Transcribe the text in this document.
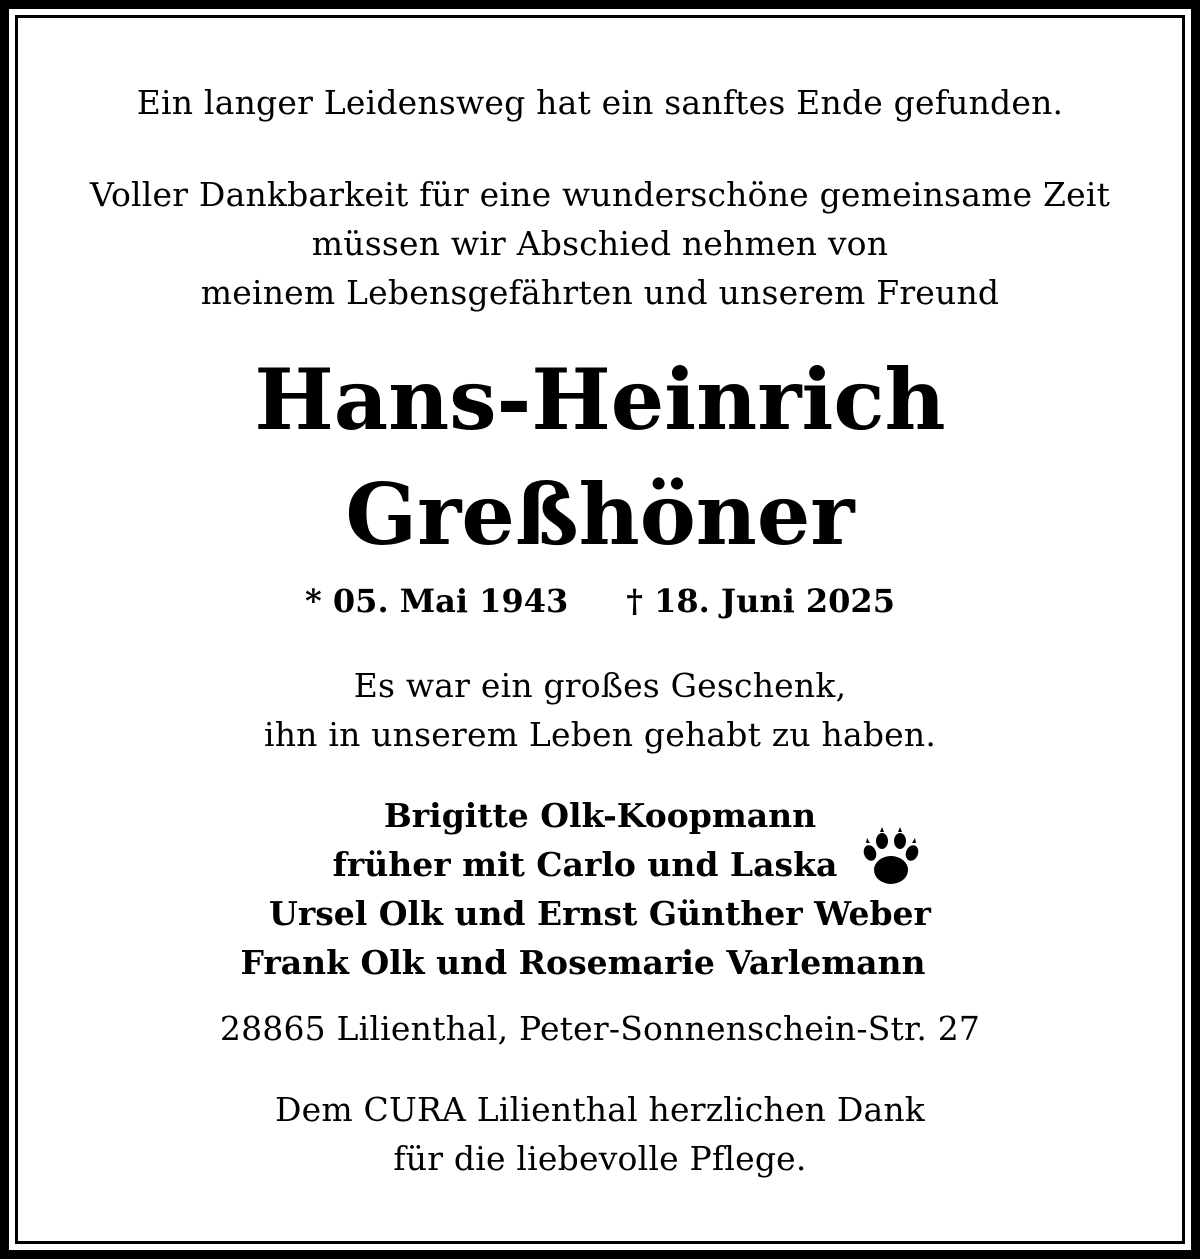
Ein langer Leidensweg hat ein sanftes Ende gefunden.

Voller Dankbarkeit für eine wunderschöne gemeinsame Zeit

müssen wir Abschied nehmen von

meinem Lebensgefährten und unserem Freund

Hans-Heinrich

Greßhöner

* 05. Mai 1943 † 18. Juni 2025

Es war ein großes Geschenk,

ihn in unserem Leben gehabt zu haben.

Brigitte Olk-Koopmann

früher mit Carlo und Laska

Ursel Olk und Ernst Günther Weber

Frank Olk und Rosemarie Varlemann

28865 Lilienthal, Peter-Sonnenschein-Str. 27

Dem CURA Lilienthal herzlichen Dank

für die liebevolle Pflege.
